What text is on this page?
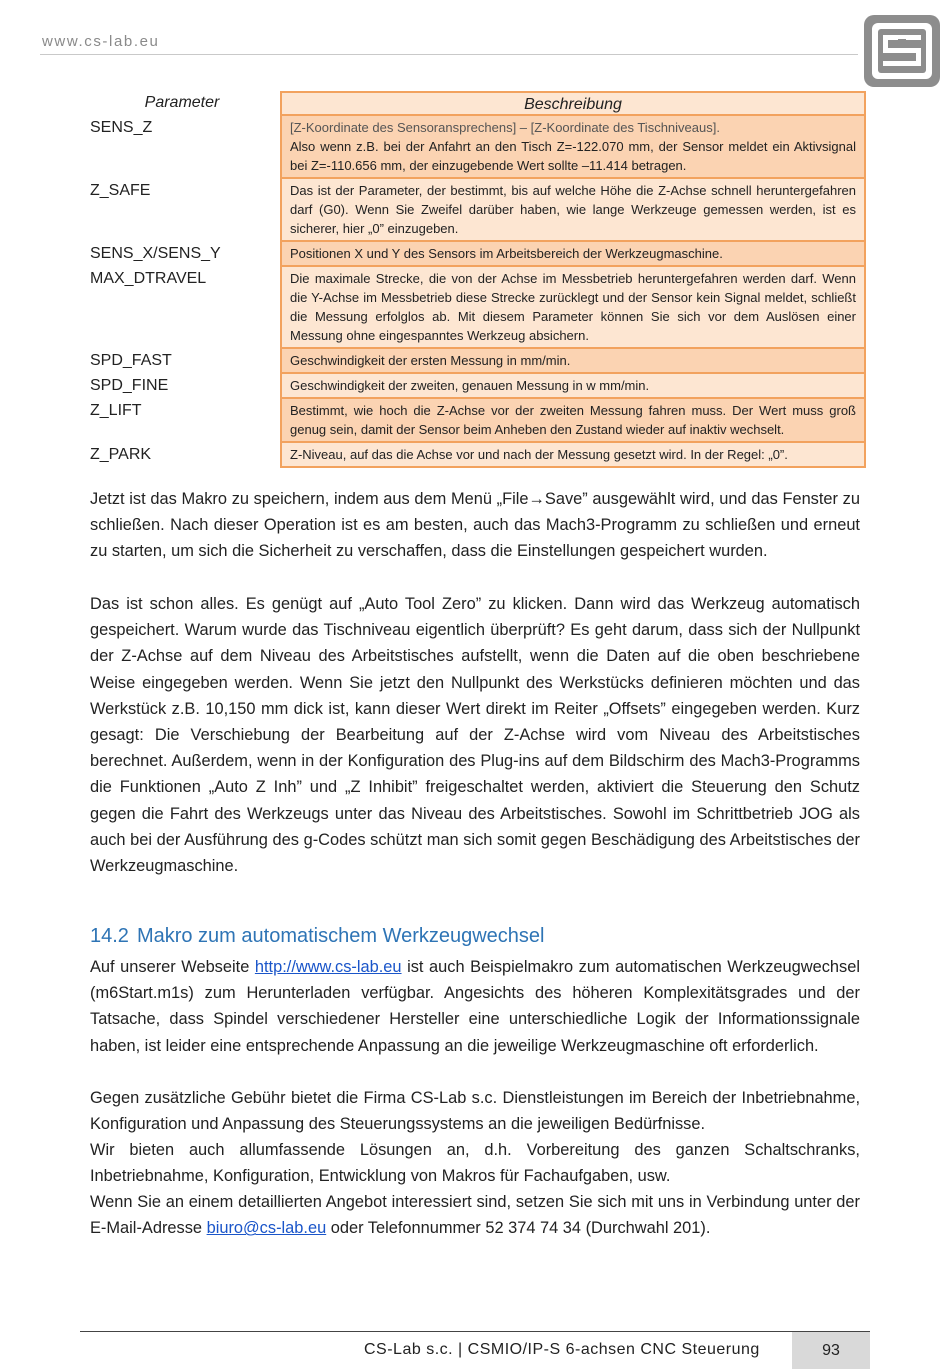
www.cs-lab.eu
Parameter	Beschreibung
SENS_Z	[Z-Koordinate des Sensoransprechens] – [Z-Koordinate des Tischniveaus].
Also wenn z.B. bei der Anfahrt an den Tisch Z=-122.070 mm, der Sensor meldet ein Aktivsignal bei Z=-110.656 mm, der einzugebende Wert sollte –11.414 betragen.
Z_SAFE	Das ist der Parameter, der bestimmt, bis auf welche Höhe die Z-Achse schnell heruntergefahren darf (G0). Wenn Sie Zweifel darüber haben, wie lange Werkzeuge gemessen werden, ist es sicherer, hier „0” einzugeben.
SENS_X/SENS_Y	Positionen X und Y des Sensors im Arbeitsbereich der Werkzeugmaschine.
MAX_DTRAVEL	Die maximale Strecke, die von der Achse im Messbetrieb heruntergefahren werden darf. Wenn die Y-Achse im Messbetrieb diese Strecke zurücklegt und der Sensor kein Signal meldet, schließt die Messung erfolglos ab. Mit diesem Parameter können Sie sich vor dem Auslösen einer Messung ohne eingespanntes Werkzeug absichern.
SPD_FAST	Geschwindigkeit der ersten Messung in mm/min.
SPD_FINE	Geschwindigkeit der zweiten, genauen Messung in w mm/min.
Z_LIFT	Bestimmt, wie hoch die Z-Achse vor der zweiten Messung fahren muss. Der Wert muss groß genug sein, damit der Sensor beim Anheben den Zustand wieder auf inaktiv wechselt.
Z_PARK	Z-Niveau, auf das die Achse vor und nach der Messung gesetzt wird. In der Regel: „0”.
Jetzt ist das Makro zu speichern, indem aus dem Menü „File→Save” ausgewählt wird, und das Fenster zu schließen. Nach dieser Operation ist es am besten, auch das Mach3-Programm zu schließen und erneut zu starten, um sich die Sicherheit zu verschaffen, dass die Einstellungen gespeichert wurden.
Das ist schon alles. Es genügt auf „Auto Tool Zero” zu klicken. Dann wird das Werkzeug automatisch gespeichert. Warum wurde das Tischniveau eigentlich überprüft? Es geht darum, dass sich der Nullpunkt der Z-Achse auf dem Niveau des Arbeitstisches aufstellt, wenn die Daten auf die oben beschriebene Weise eingegeben werden. Wenn Sie jetzt den Nullpunkt des Werkstücks definieren möchten und das Werkstück z.B. 10,150 mm dick ist, kann dieser Wert direkt im Reiter „Offsets” eingegeben werden. Kurz gesagt: Die Verschiebung der Bearbeitung auf der Z-Achse wird vom Niveau des Arbeitstisches berechnet. Außerdem, wenn in der Konfiguration des Plug-ins auf dem Bildschirm des Mach3-Programms die Funktionen „Auto Z Inh” und „Z Inhibit” freigeschaltet werden, aktiviert die Steuerung den Schutz gegen die Fahrt des Werkzeugs unter das Niveau des Arbeitstisches. Sowohl im Schrittbetrieb JOG als auch bei der Ausführung des g-Codes schützt man sich somit gegen Beschädigung des Arbeitstisches der Werkzeugmaschine.
14.2 Makro zum automatischem Werkzeugwechsel
Auf unserer Webseite http://www.cs-lab.eu ist auch Beispielmakro zum automatischen Werkzeugwechsel (m6Start.m1s) zum Herunterladen verfügbar. Angesichts des höheren Komplexitätsgrades und der Tatsache, dass Spindel verschiedener Hersteller eine unterschiedliche Logik der Informationssignale haben, ist leider eine entsprechende Anpassung an die jeweilige Werkzeugmaschine oft erforderlich.
Gegen zusätzliche Gebühr bietet die Firma CS-Lab s.c. Dienstleistungen im Bereich der Inbetriebnahme, Konfiguration und Anpassung des Steuerungssystems an die jeweiligen Bedürfnisse.
Wir bieten auch allumfassende Lösungen an, d.h. Vorbereitung des ganzen Schaltschranks, Inbetriebnahme, Konfiguration, Entwicklung von Makros für Fachaufgaben, usw.
Wenn Sie an einem detaillierten Angebot interessiert sind, setzen Sie sich mit uns in Verbindung unter der E-Mail-Adresse biuro@cs-lab.eu oder Telefonnummer 52 374 74 34 (Durchwahl 201).
CS-Lab s.c. | CSMIO/IP-S 6-achsen CNC Steuerung	93
